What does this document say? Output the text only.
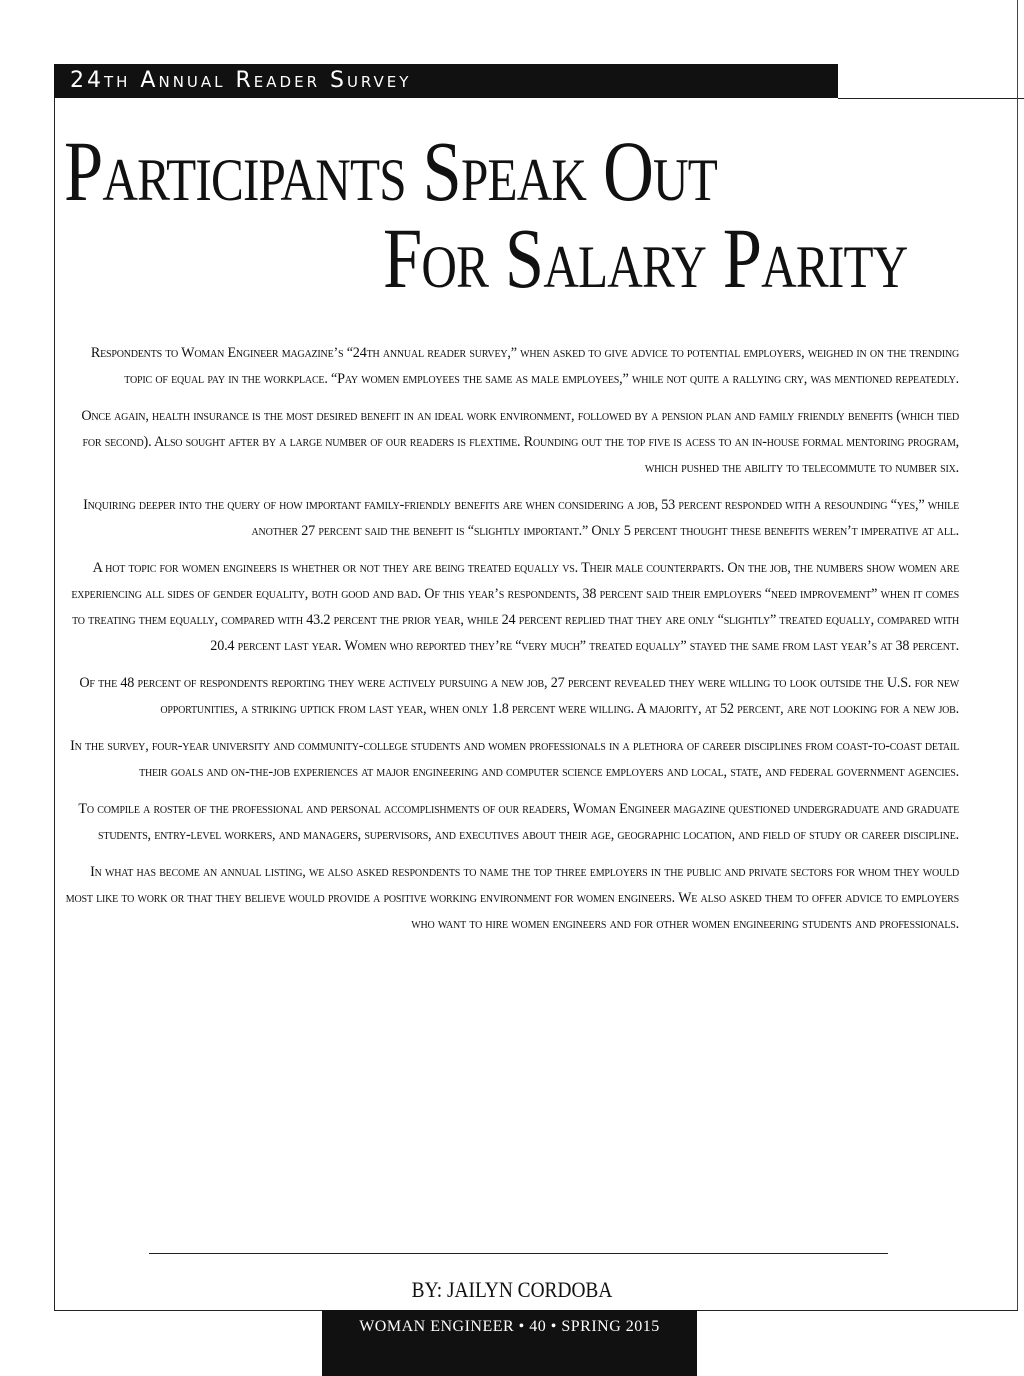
24th Annual Reader Survey
Participants Speak Out
For Salary Parity

Respondents to Woman Engineer magazine’s “24th annual reader survey,” when asked to give advice to potential employers, weighed in on the trending topic of equal pay in the workplace. “Pay women employees the same as male employees,” while not quite a rallying cry, was mentioned repeatedly.

Once again, health insurance is the most desired benefit in an ideal work environment, followed by a pension plan and family friendly benefits (which tied for second). Also sought after by a large number of our readers is flextime. Rounding out the top five is acess to an in-house formal mentoring program, which pushed the ability to telecommute to number six.

Inquiring deeper into the query of how important family-friendly benefits are when considering a job, 53 percent responded with a resounding “yes,” while another 27 percent said the benefit is “slightly important.” Only 5 percent thought these benefits weren’t imperative at all.

A hot topic for women engineers is whether or not they are being treated equally vs. Their male counterparts. On the job, the numbers show women are experiencing all sides of gender equality, both good and bad. Of this year’s respondents, 38 percent said their employers “need improvement” when it comes to treating them equally, compared with 43.2 percent the prior year, while 24 percent replied that they are only “slightly” treated equally, compared with 20.4 percent last year. Women who reported they’re “very much” treated equally” stayed the same from last year’s at 38 percent.

Of the 48 percent of respondents reporting they were actively pursuing a new job, 27 percent revealed they were willing to look outside the U.S. for new opportunities, a striking uptick from last year, when only 1.8 percent were willing. A majority, at 52 percent, are not looking for a new job.

In the survey, four-year university and community-college students and women professionals in a plethora of career disciplines from coast-to-coast detail their goals and on-the-job experiences at major engineering and computer science employers and local, state, and federal government agencies.

To compile a roster of the professional and personal accomplishments of our readers, Woman Engineer magazine questioned undergraduate and graduate students, entry-level workers, and managers, supervisors, and executives about their age, geographic location, and field of study or career discipline.

In what has become an annual listing, we also asked respondents to name the top three employers in the public and private sectors for whom they would most like to work or that they believe would provide a positive working environment for women engineers. We also asked them to offer advice to employers who want to hire women engineers and for other women engineering students and professionals.

BY: JAILYN CORDOBA
WOMAN ENGINEER • 40 • SPRING 2015
